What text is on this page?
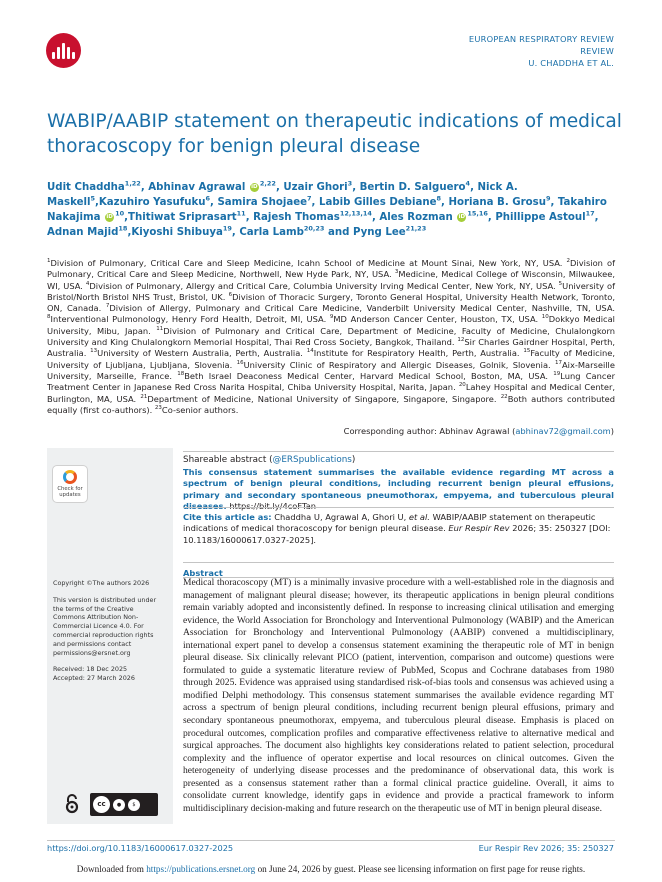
EUROPEAN RESPIRATORY REVIEW
REVIEW
U. CHADDHA ET AL.
WABIP/AABIP statement on therapeutic indications of medical thoracoscopy for benign pleural disease
Udit Chaddha$^{1,22}$, Abhinav Agrawal iD $^{2,22}$, Uzair Ghori$^3$, Bertin D. Salguero$^4$, Nick A. Maskell$^5$,Kazuhiro Yasufuku$^6$, Samira Shojaee$^7$, Labib Gilles Debiane$^8$, Horiana B. Grosu$^9$, Takahiro Nakajima iD $^{10}$,Thitiwat Sriprasart$^{11}$, Rajesh Thomas$^{12,13,14}$, Ales Rozman iD $^{15,16}$, Phillippe Astoul$^{17}$, Adnan Majid$^{18}$,Kiyoshi Shibuya$^{19}$, Carla Lamb$^{20,23}$ and Pyng Lee$^{21,23}$
$^1$Division of Pulmonary, Critical Care and Sleep Medicine, Icahn School of Medicine at Mount Sinai, New York, NY, USA. $^2$Division of Pulmonary, Critical Care and Sleep Medicine, Northwell, New Hyde Park, NY, USA. $^3$Medicine, Medical College of Wisconsin, Milwaukee, WI, USA. $^4$Division of Pulmonary, Allergy and Critical Care, Columbia University Irving Medical Center, New York, NY, USA. $^5$University of Bristol/North Bristol NHS Trust, Bristol, UK. $^6$Division of Thoracic Surgery, Toronto General Hospital, University Health Network, Toronto, ON, Canada. $^7$Division of Allergy, Pulmonary and Critical Care Medicine, Vanderbilt University Medical Center, Nashville, TN, USA. $^8$Interventional Pulmonology, Henry Ford Health, Detroit, MI, USA. $^9$MD Anderson Cancer Center, Houston, TX, USA. $^{10}$Dokkyo Medical University, Mibu, Japan. $^{11}$Division of Pulmonary and Critical Care, Department of Medicine, Faculty of Medicine, Chulalongkorn University and King Chulalongkorn Memorial Hospital, Thai Red Cross Society, Bangkok, Thailand. $^{12}$Sir Charles Gairdner Hospital, Perth, Australia. $^{13}$University of Western Australia, Perth, Australia. $^{14}$Institute for Respiratory Health, Perth, Australia. $^{15}$Faculty of Medicine, University of Ljubljana, Ljubljana, Slovenia. $^{16}$University Clinic of Respiratory and Allergic Diseases, Golnik, Slovenia. $^{17}$Aix-Marseille University, Marseille, France. $^{18}$Beth Israel Deaconess Medical Center, Harvard Medical School, Boston, MA, USA. $^{19}$Lung Cancer Treatment Center in Japanese Red Cross Narita Hospital, Chiba University Hospital, Narita, Japan. $^{20}$Lahey Hospital and Medical Center, Burlington, MA, USA. $^{21}$Department of Medicine, National University of Singapore, Singapore, Singapore. $^{22}$Both authors contributed equally (first co-authors). $^{23}$Co-senior authors.
Corresponding author: Abhinav Agrawal (abhinav72@gmail.com)
Check for
updates
Shareable abstract (@ERSpublications)
This consensus statement summarises the available evidence regarding MT across a spectrum of benign pleural conditions, including recurrent benign pleural effusions, primary and secondary spontaneous pneumothorax, empyema, and tuberculous pleural diseases. https://bit.ly/4coFTan
Cite this article as: Chaddha U, Agrawal A, Ghori U, et al. WABIP/AABIP statement on therapeutic indications of medical thoracoscopy for benign pleural disease. Eur Respir Rev 2026; 35: 250327 [DOI: 10.1183/16000617.0327-2025].
Abstract

Medical thoracoscopy (MT) is a minimally invasive procedure with a well-established role in the diagnosis and management of malignant pleural disease; however, its therapeutic applications in benign pleural conditions remain variably adopted and inconsistently defined. In response to increasing clinical utilisation and emerging evidence, the World Association for Bronchology and Interventional Pulmonology (WABIP) and the American Association for Bronchology and Interventional Pulmonology (AABIP) convened a multidisciplinary, international expert panel to develop a consensus statement examining the therapeutic role of MT in benign pleural disease. Six clinically relevant PICO (patient, intervention, comparison and outcome) questions were formulated to guide a systematic literature review of PubMed, Scopus and Cochrane databases from 1980 through 2025. Evidence was appraised using standardised risk-of-bias tools and consensus was achieved using a modified Delphi methodology. This consensus statement summarises the available evidence regarding MT across a spectrum of benign pleural conditions, including recurrent benign pleural effusions, primary and secondary spontaneous pneumothorax, empyema, and tuberculous pleural disease. Emphasis is placed on procedural outcomes, complication profiles and comparative effectiveness relative to alternative medical and surgical approaches. The document also highlights key considerations related to patient selection, procedural complexity and the influence of operator expertise and local resources on clinical outcomes. Given the heterogeneity of underlying disease processes and the predominance of observational data, this work is presented as a consensus statement rather than a formal clinical practice guideline. Overall, it aims to consolidate current knowledge, identify gaps in evidence and provide a practical framework to inform multidisciplinary decision-making and future research on the therapeutic use of MT in benign pleural disease.

Copyright ©The authors 2026

This version is distributed under the terms of the Creative Commons Attribution Non-Commercial Licence 4.0. For commercial reproduction rights and permissions contact permissions@ersnet.org

Received: 18 Dec 2025

Accepted: 27 March 2026

cc	●	$
https://doi.org/10.1183/16000617.0327-2025	Eur Respir Rev 2026; 35: 250327
Downloaded from https://publications.ersnet.org on June 24, 2026 by guest. Please see licensing information on first page for reuse rights.
